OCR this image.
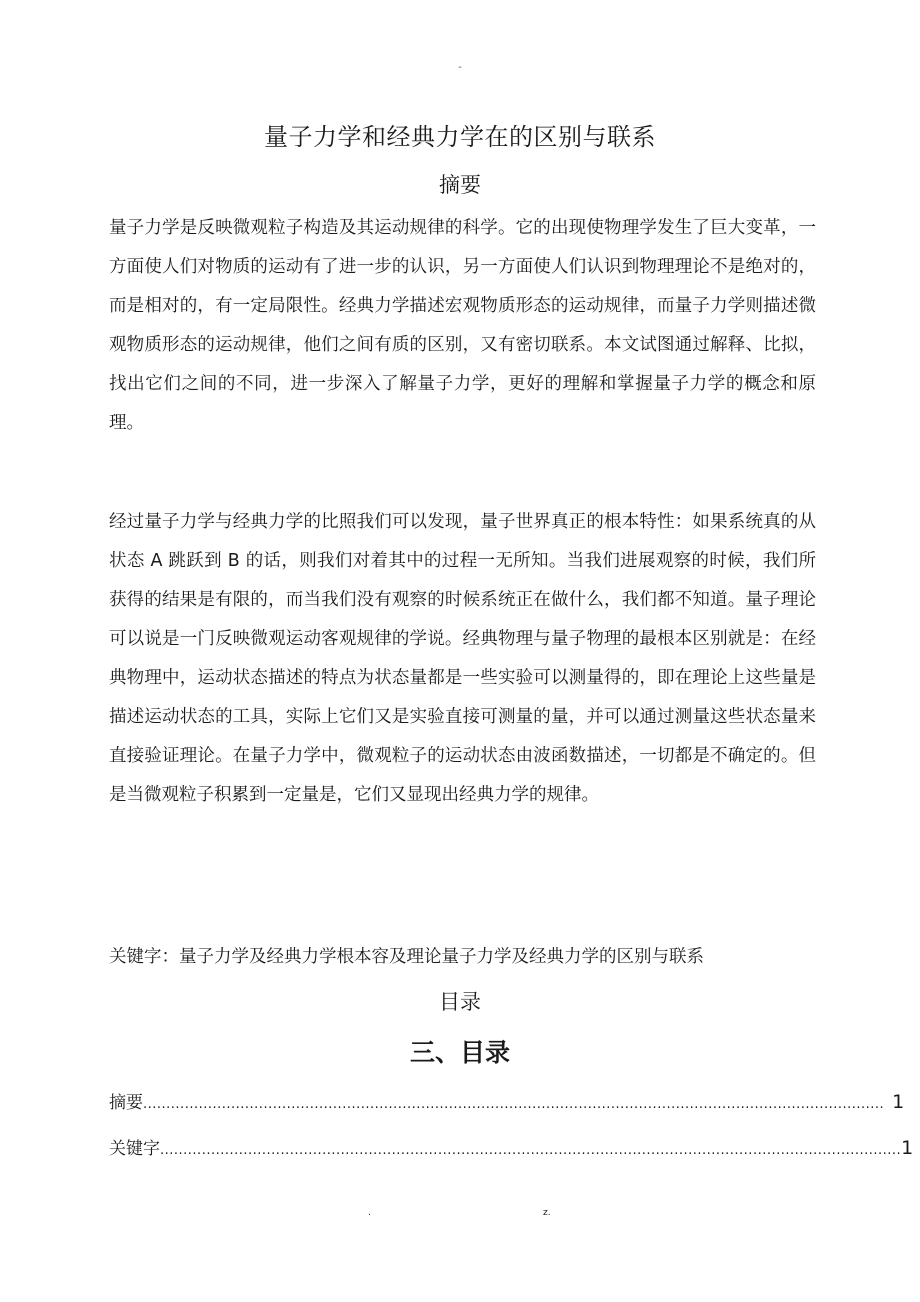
-
量子力学和经典力学在的区别与联系
摘要
量子力学是反映微观粒子构造及其运动规律的科学。它的出现使物理学发生了巨大变革，一方面使人们对物质的运动有了进一步的认识，另一方面使人们认识到物理理论不是绝对的，而是相对的，有一定局限性。经典力学描述宏观物质形态的运动规律，而量子力学则描述微观物质形态的运动规律，他们之间有质的区别，又有密切联系。本文试图通过解释、比拟，找出它们之间的不同，进一步深入了解量子力学，更好的理解和掌握量子力学的概念和原理。
经过量子力学与经典力学的比照我们可以发现，量子世界真正的根本特性：如果系统真的从状态 A 跳跃到 B 的话，则我们对着其中的过程一无所知。当我们进展观察的时候，我们所获得的结果是有限的，而当我们没有观察的时候系统正在做什么，我们都不知道。量子理论可以说是一门反映微观运动客观规律的学说。经典物理与量子物理的最根本区别就是：在经典物理中，运动状态描述的特点为状态量都是一些实验可以测量得的，即在理论上这些量是描述运动状态的工具，实际上它们又是实验直接可测量的量，并可以通过测量这些状态量来直接验证理论。在量子力学中，微观粒子的运动状态由波函数描述，一切都是不确定的。但是当微观粒子积累到一定量是，它们又显现出经典力学的规律。
关键字：量子力学及经典力学根本容及理论量子力学及经典力学的区别与联系
目录
三、目录
摘要 ................................................................................................................................................................ 1
关键字 ................................................................................................................................................................ 1
.	z.
